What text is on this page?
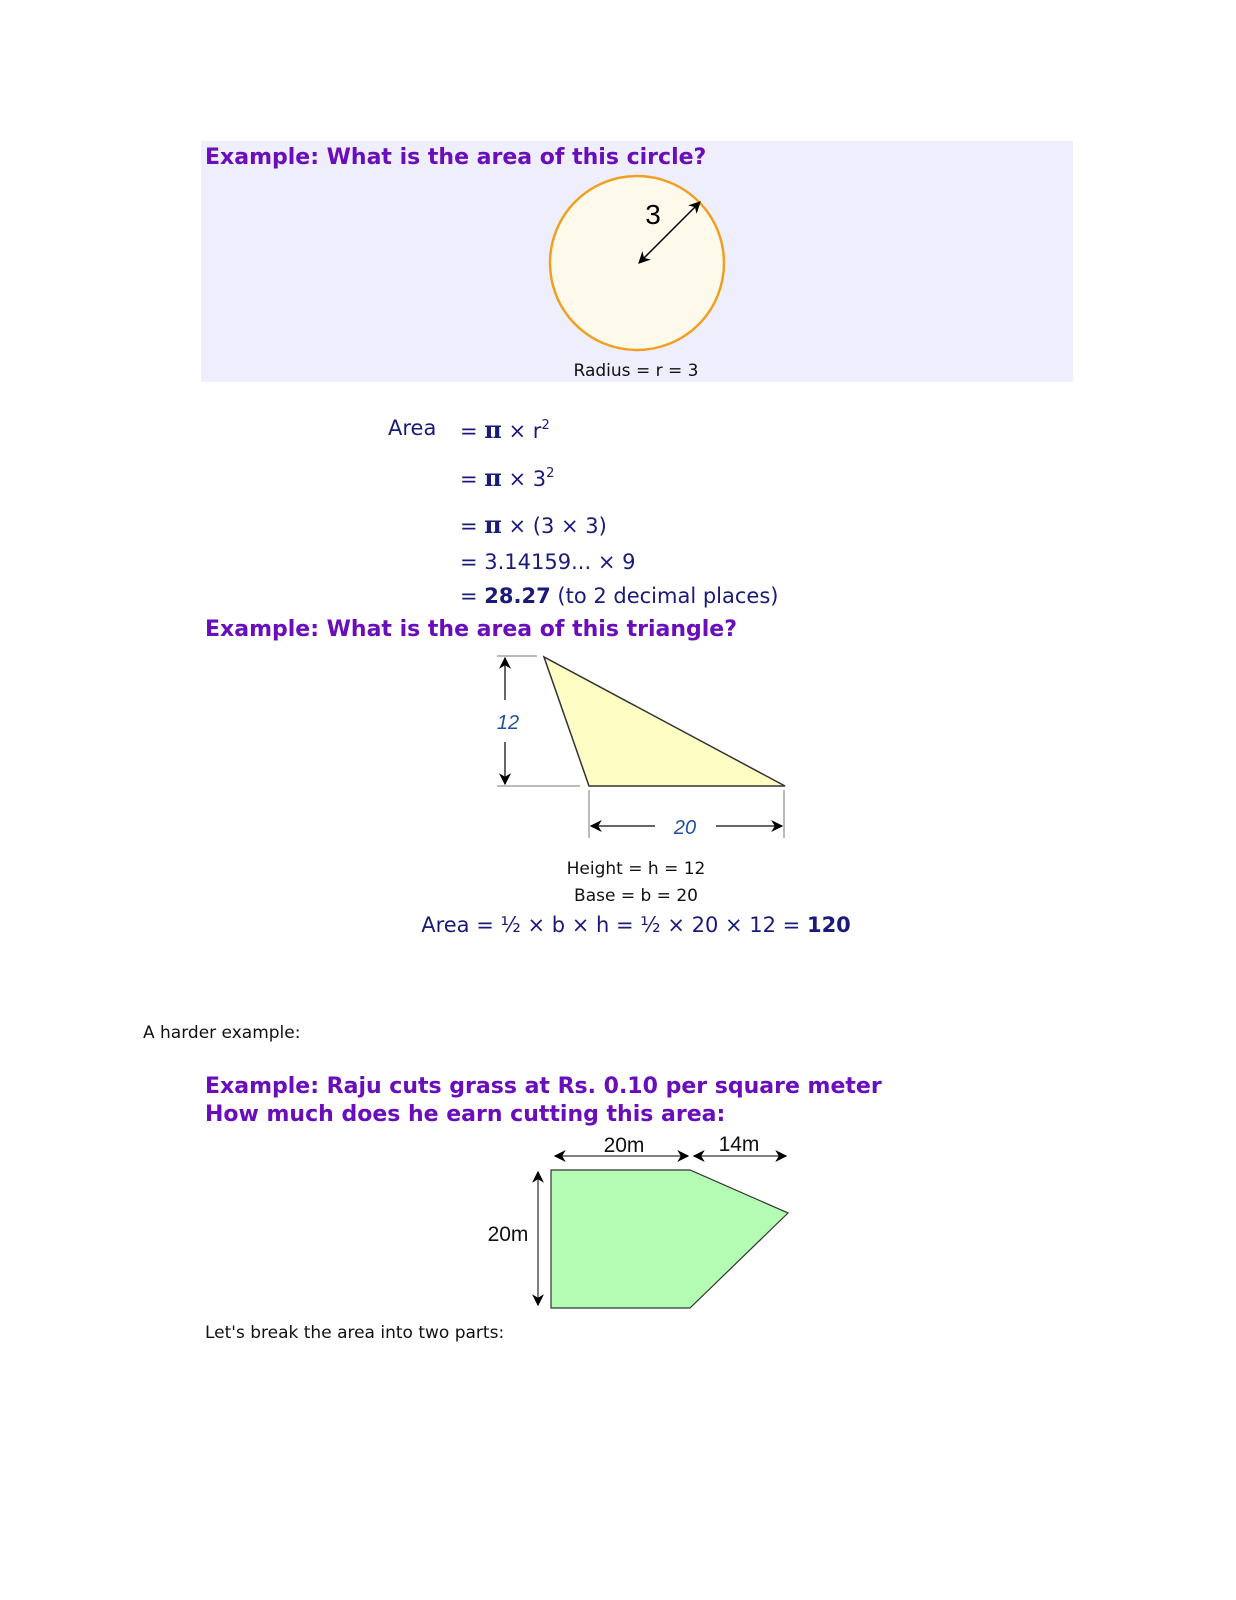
Example: What is the area of this circle?
3
12
20
Radius = r = 3
Area = $\pi \times r^2$
= $\pi \times 3^2$
= π × (3 × 3)
= 3.14159... × 9
= 28.27 (to 2 decimal places)
Example: What is the area of this triangle?
Height = h = 12
Base = b = 20
Area = ½ × b × h = ½ × 20 × 12 = 120
A harder example:
Example: Raju cuts grass at Rs. 0.10 per square meter
How much does he earn cutting this area:
20m	14m
20m
Let's break the area into two parts:
